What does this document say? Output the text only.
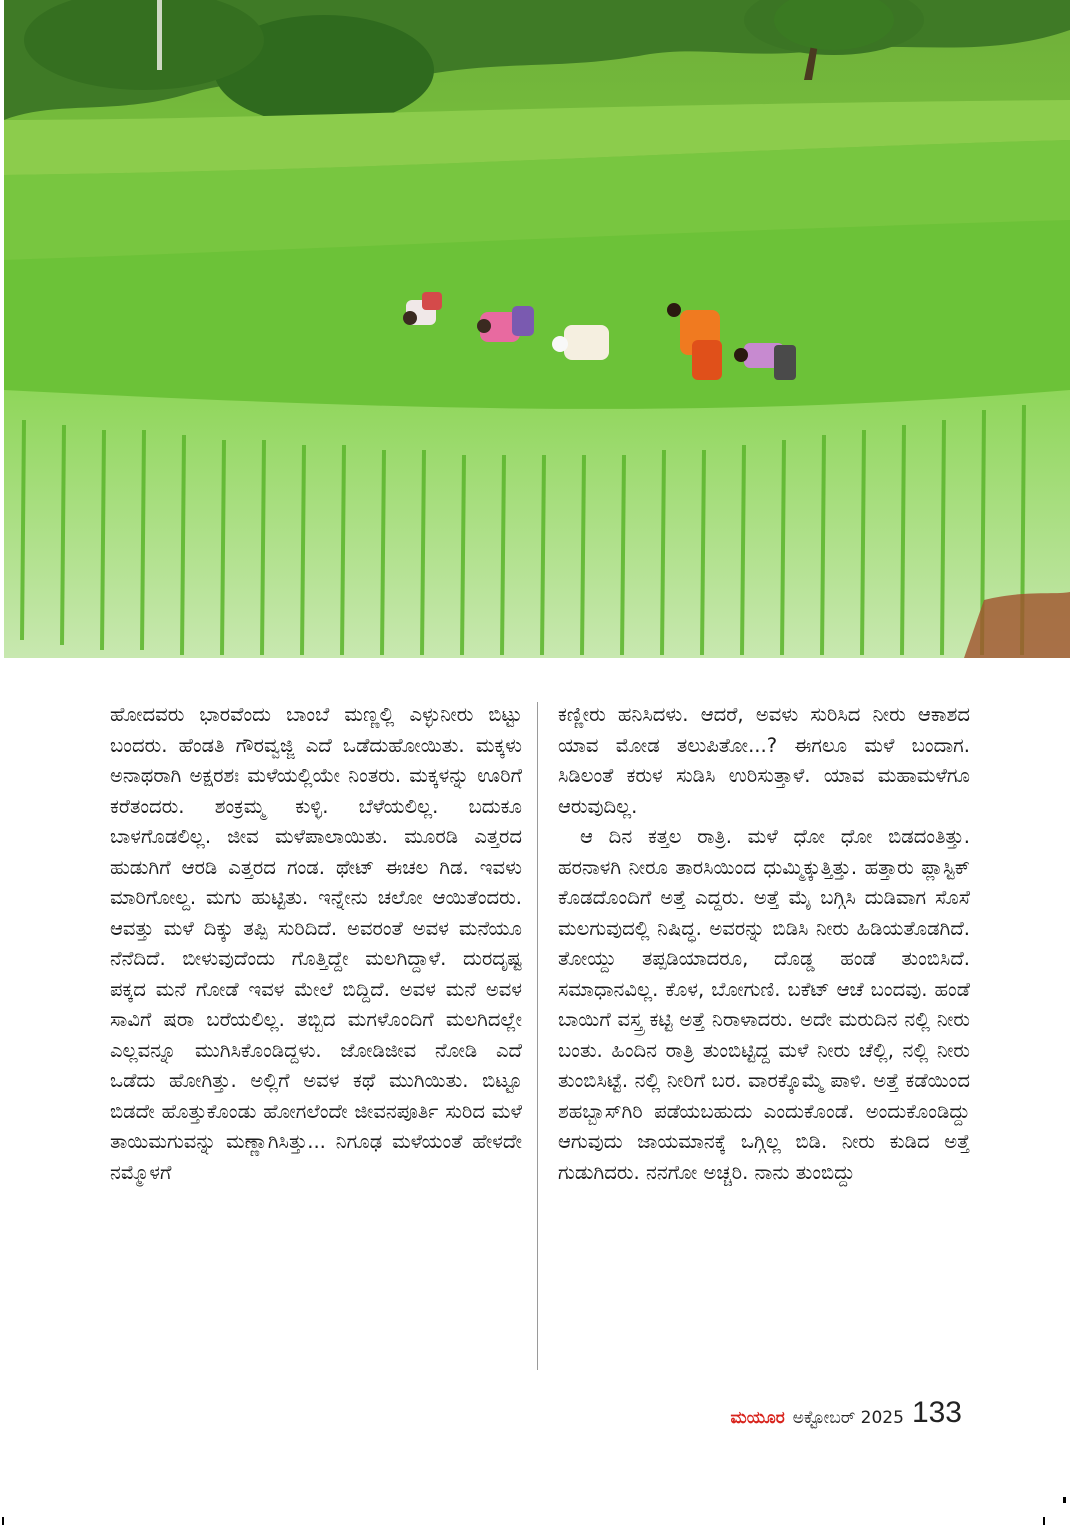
ಹೋದವರು ಭಾರವೆಂದು ಬಾಂಬೆ ಮಣ್ಣಲ್ಲಿ ಎಳ್ಳುನೀರು ಬಿಟ್ಟು ಬಂದರು. ಹೆಂಡತಿ ಗೌರವ್ವಜ್ಜಿ ಎದೆ ಒಡೆದುಹೋಯಿತು. ಮಕ್ಕಳು ಅನಾಥರಾಗಿ ಅಕ್ಷರಶಃ ಮಳೆಯಲ್ಲಿಯೇ ನಿಂತರು. ಮಕ್ಕಳನ್ನು ಊರಿಗೆ ಕರೆತಂದರು. ಶಂಕ್ರಮ್ಮ ಕುಳ್ಳಿ. ಬೆಳೆಯಲಿಲ್ಲ. ಬದುಕೂ ಬಾಳಗೊಡಲಿಲ್ಲ. ಜೀವ ಮಳೆಪಾಲಾಯಿತು. ಮೂರಡಿ ಎತ್ತರದ ಹುಡುಗಿಗೆ ಆರಡಿ ಎತ್ತರದ ಗಂಡ. ಥೇಟ್ ಈಚಲ ಗಿಡ. ಇವಳು ಮಾರಿಗೋಲ್ದ. ಮಗು ಹುಟ್ಟಿತು. ಇನ್ನೇನು ಚಲೋ ಆಯಿತೆಂದರು. ಆವತ್ತು ಮಳೆ ದಿಕ್ಕು ತಪ್ಪಿ ಸುರಿದಿದೆ. ಅವರಂತೆ ಅವಳ ಮನೆಯೂ ನೆನೆದಿದೆ. ಬೀಳುವುದೆಂದು ಗೊತ್ತಿದ್ದೇ ಮಲಗಿದ್ದಾಳೆ. ದುರದೃಷ್ಟ ಪಕ್ಕದ ಮನೆ ಗೋಡೆ ಇವಳ ಮೇಲೆ ಬಿದ್ದಿದೆ. ಅವಳ ಮನೆ ಅವಳ ಸಾವಿಗೆ ಷರಾ ಬರೆಯಲಿಲ್ಲ. ತಬ್ಬಿದ ಮಗಳೊಂದಿಗೆ ಮಲಗಿದಲ್ಲೇ ಎಲ್ಲವನ್ನೂ ಮುಗಿಸಿಕೊಂಡಿದ್ದಳು. ಜೋಡಿಜೀವ ನೋಡಿ ಎದೆ ಒಡೆದು ಹೋಗಿತ್ತು. ಅಲ್ಲಿಗೆ ಅವಳ ಕಥೆ ಮುಗಿಯಿತು. ಬಿಟ್ಟೂ ಬಿಡದೇ ಹೊತ್ತುಕೊಂಡು ಹೋಗಲೆಂದೇ ಜೀವನಪೂರ್ತಿ ಸುರಿದ ಮಳೆ ತಾಯಿಮಗುವನ್ನು ಮಣ್ಣಾಗಿಸಿತ್ತು... ನಿಗೂಢ ಮಳೆಯಂತೆ ಹೇಳದೇ ನಮ್ಮೊಳಗೆ

ಕಣ್ಣೀರು ಹನಿಸಿದಳು. ಆದರೆ, ಅವಳು ಸುರಿಸಿದ ನೀರು ಆಕಾಶದ ಯಾವ ಮೋಡ ತಲುಪಿತೋ...? ಈಗಲೂ ಮಳೆ ಬಂದಾಗ. ಸಿಡಿಲಂತೆ ಕರುಳ ಸುಡಿಸಿ ಉರಿಸುತ್ತಾಳೆ. ಯಾವ ಮಹಾಮಳೆಗೂ ಆರುವುದಿಲ್ಲ.

ಆ ದಿನ ಕತ್ತಲ ರಾತ್ರಿ. ಮಳೆ ಧೋ ಧೋ ಬಿಡದಂತಿತ್ತು. ಹರನಾಳಗಿ ನೀರೂ ತಾರಸಿಯಿಂದ ಧುಮ್ಮಿಕ್ಕುತ್ತಿತ್ತು. ಹತ್ತಾರು ಪ್ಲಾಸ್ಟಿಕ್ ಕೊಡದೊಂದಿಗೆ ಅತ್ತೆ ಎದ್ದರು. ಅತ್ತೆ ಮೈ ಬಗ್ಗಿಸಿ ದುಡಿವಾಗ ಸೊಸೆ ಮಲಗುವುದಲ್ಲಿ ನಿಷಿದ್ಧ. ಅವರನ್ನು ಬಿಡಿಸಿ ನೀರು ಹಿಡಿಯತೊಡಗಿದೆ. ತೋಯ್ದು ತಪ್ಪಡಿಯಾದರೂ, ದೊಡ್ಡ ಹಂಡೆ ತುಂಬಿಸಿದೆ. ಸಮಾಧಾನವಿಲ್ಲ. ಕೊಳ, ಬೋಗುಣಿ. ಬಕೆಟ್ ಆಚೆ ಬಂದವು. ಹಂಡೆ ಬಾಯಿಗೆ ವಸ್ತ್ರ ಕಟ್ಟಿ ಅತ್ತೆ ನಿರಾಳಾದರು. ಅದೇ ಮರುದಿನ ನಲ್ಲಿ ನೀರು ಬಂತು. ಹಿಂದಿನ ರಾತ್ರಿ ತುಂಬಿಟ್ಟಿದ್ದ ಮಳೆ ನೀರು ಚೆಲ್ಲಿ, ನಲ್ಲಿ ನೀರು ತುಂಬಿಸಿಟ್ಟೆ. ನಲ್ಲಿ ನೀರಿಗೆ ಬರ. ವಾರಕ್ಕೊಮ್ಮೆ ಪಾಳಿ. ಅತ್ತೆ ಕಡೆಯಿಂದ ಶಹಬ್ಬಾಸ್‌ಗಿರಿ ಪಡೆಯಬಹುದು ಎಂದುಕೊಂಡೆ. ಅಂದುಕೊಂಡಿದ್ದು ಆಗುವುದು ಜಾಯಮಾನಕ್ಕೆ ಒಗ್ಗಿಲ್ಲ ಬಿಡಿ. ನೀರು ಕುಡಿದ ಅತ್ತೆ ಗುಡುಗಿದರು. ನನಗೋ ಅಚ್ಚರಿ. ನಾನು ತುಂಬಿದ್ದು

ಮಯೂರ ಅಕ್ಟೋಬರ್ 2025 133
